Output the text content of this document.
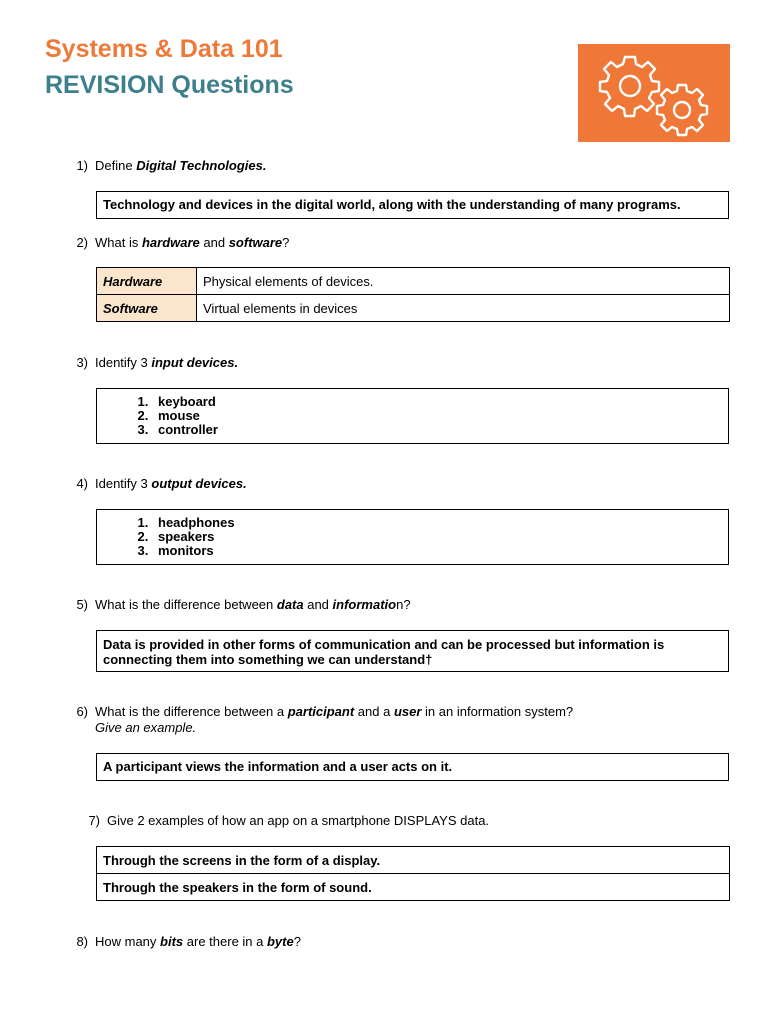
Systems & Data 101
REVISION Questions
1) Define Digital Technologies.
Technology and devices in the digital world, along with the understanding of many programs.
2) What is hardware and software?
Hardware	Physical elements of devices.
Software	Virtual elements in devices
3) Identify 3 input devices.
1. keyboard
2. mouse
3. controller
4) Identify 3 output devices.
1. headphones
2. speakers
3. monitors
5) What is the difference between data and information?
Data is provided in other forms of communication and can be processed but information is
connecting them into something we can understand†
6) What is the difference between a participant and a user in an information system?
Give an example.
A participant views the information and a user acts on it.
7) Give 2 examples of how an app on a smartphone DISPLAYS data.
Through the screens in the form of a display.
Through the speakers in the form of sound.
8) How many bits are there in a byte?
